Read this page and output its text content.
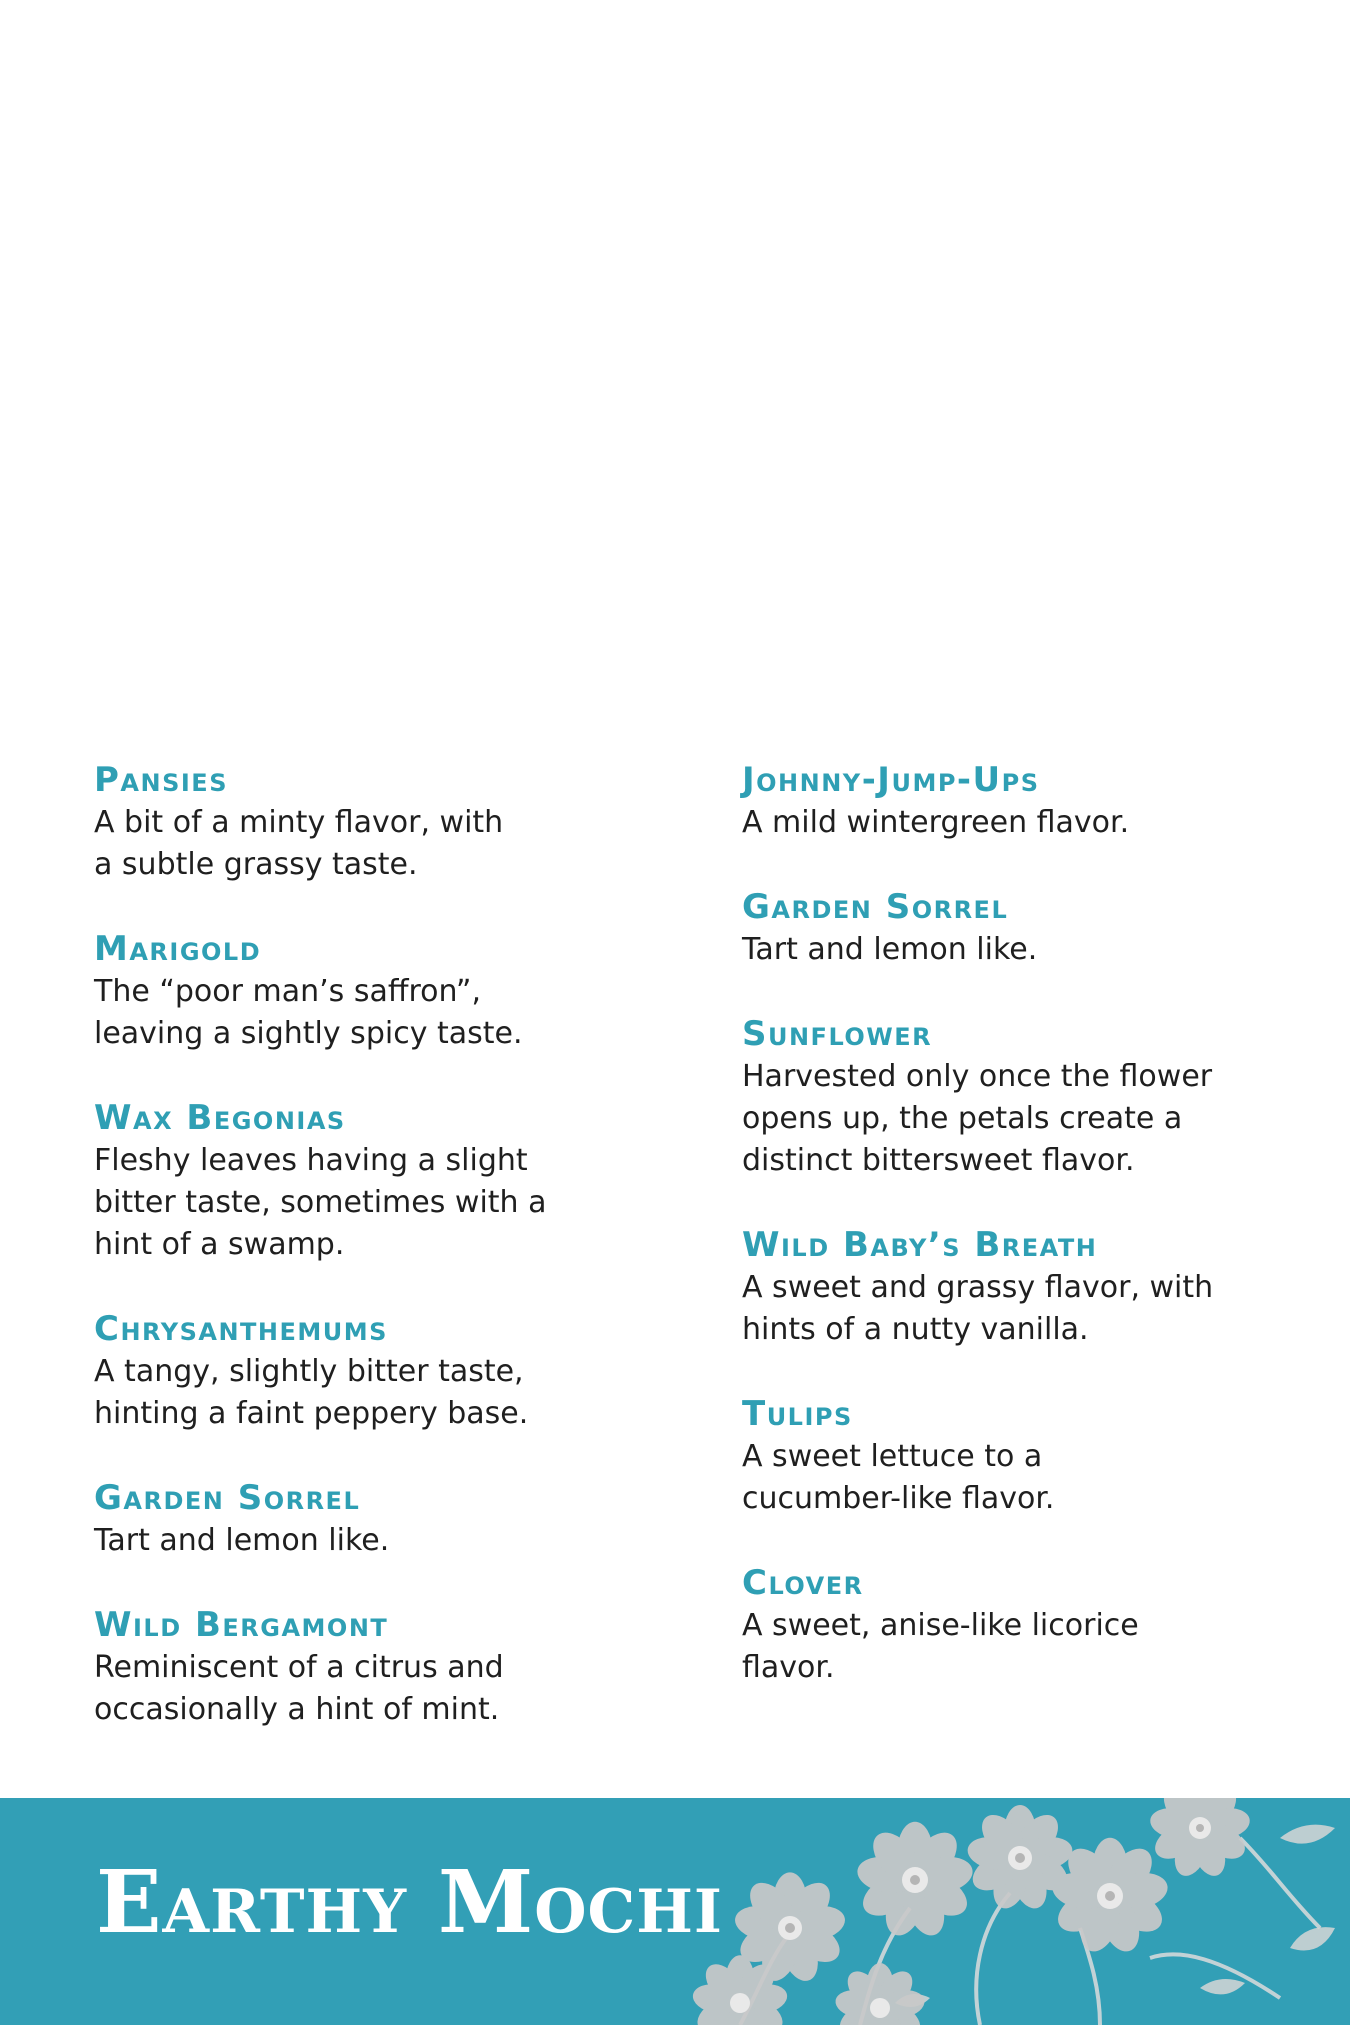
Pansies
A bit of a minty flavor, with
a subtle grassy taste.
Marigold
The “poor man’s saffron”,
leaving a sightly spicy taste.
Wax Begonias
Fleshy leaves having a slight
bitter taste, sometimes with a
hint of a swamp.
Chrysanthemums
A tangy, slightly bitter taste,
hinting a faint peppery base.
Garden Sorrel
Tart and lemon like.
Wild Bergamont
Reminiscent of a citrus and
occasionally a hint of mint.
Johnny-Jump-Ups
A mild wintergreen flavor.
Garden Sorrel
Tart and lemon like.
Sunflower
Harvested only once the flower
opens up, the petals create a
distinct bittersweet flavor.
Wild Baby’s Breath
A sweet and grassy flavor, with
hints of a nutty vanilla.
Tulips
A sweet lettuce to a
cucumber-like flavor.
Clover
A sweet, anise-like licorice
flavor.
Earthy Mochi
